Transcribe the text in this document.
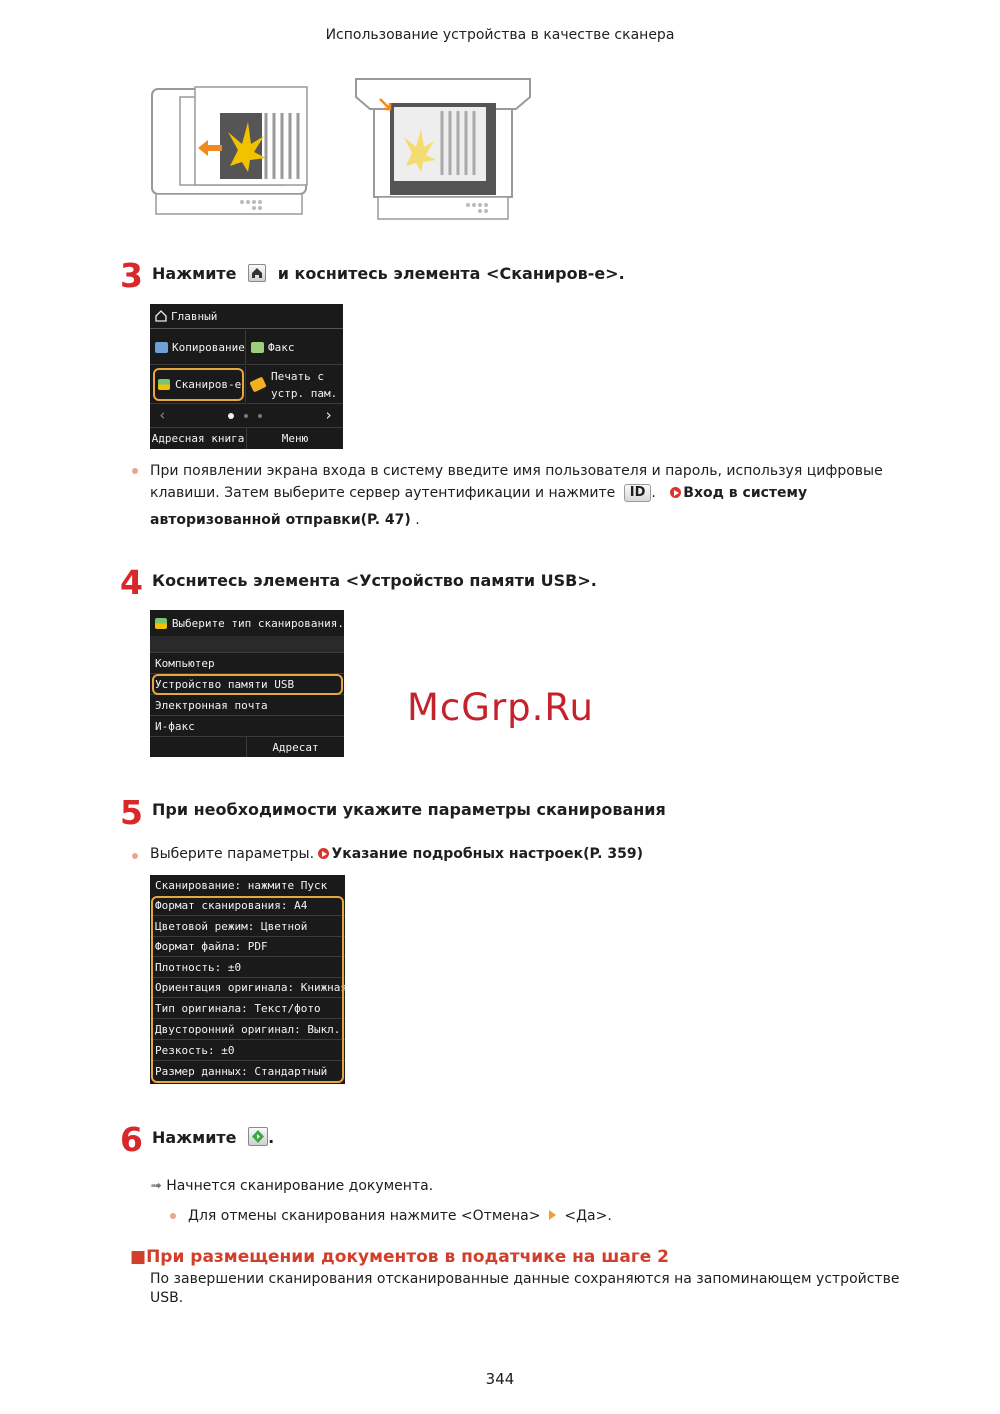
Использование устройства в качестве сканера
3 Нажмите	и коснитесь элемента <Сканиров-е>.
Главный
Копирование Факс
Сканиров-е
Печать с
устр. пам.
‹	›
Адресная книга	Меню
При появлении экрана входа в систему введите имя пользователя и пароль, используя цифровые
клавиши. Затем выберите сервер аутентификации и нажмите ID . Вход в систему
авторизованной отправки(P. 47) .
4 Коснитесь элемента <Устройство памяти USB>.
Выберите тип сканирования.
Компьютер
Устройство памяти USB
Электронная почта
И-факс
Адресат
McGrp.Ru
5 При необходимости укажите параметры сканирования
Выберите параметры. Указание подробных настроек(P. 359)
Сканирование: нажмите Пуск
Формат сканирования: A4
Цветовой режим: Цветной
Формат файла: PDF
Плотность: ±0
Ориентация оригинала: Книжная
Тип оригинала: Текст/фото
Двусторонний оригинал: Выкл.
Резкость: ±0
Размер данных: Стандартный
6 Нажмите .
➟ Начнется сканирование документа.
Для отмены сканирования нажмите <Отмена> <Да>.
■При размещении документов в податчике на шаге 2
По завершении сканирования отсканированные данные сохраняются на запоминающем устройстве
USB.
344
